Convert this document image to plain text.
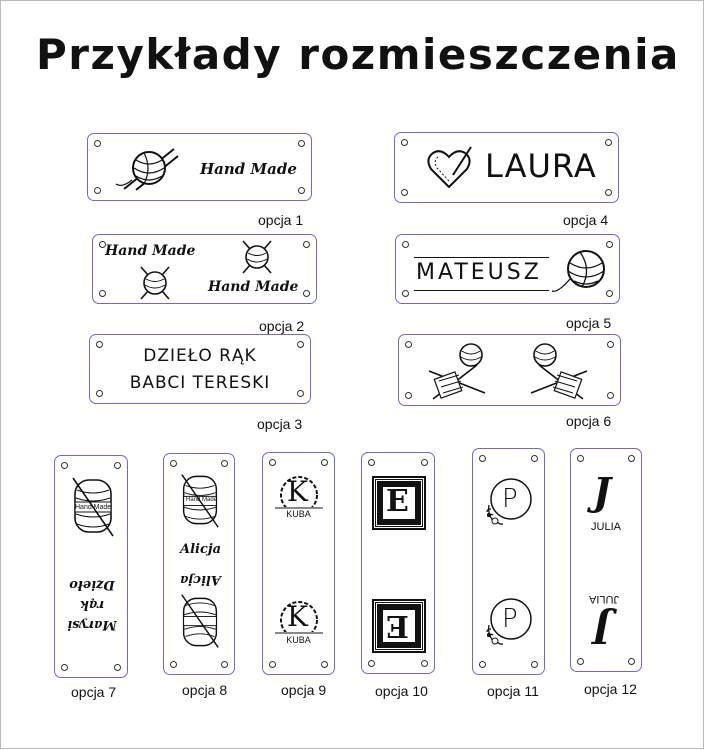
Przykłady rozmieszczenia
Hand Made
opcja 1
Hand Made
Hand Made
opcja 2
DZIEŁO RĄK
BABCI TERESKI
opcja 3
LAURA
opcja 4
MATEUSZ
opcja 5
opcja 6
Hand Made
Marysi
rąk
Dzieło
opcja 7
Hand Made
Alicja
Alicja
opcja 8
K
KUBA
K
KUBA
opcja 9
E
E
opcja 10
P
P
opcja 11
J
JULIA
JULIA
J
opcja 12
